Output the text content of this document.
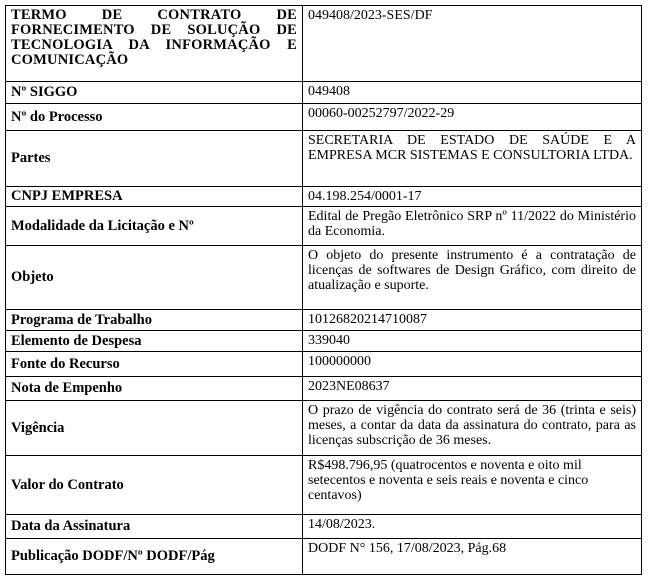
TERMO DE CONTRATO DE FORNECIMENTO DE SOLUÇÃO DE TECNOLOGIA DA INFORMAÇÃO E COMUNICAÇÃO	049408/2023-SES/DF
Nº SIGGO	049408
Nº do Processo	00060-00252797/2022-29
Partes	SECRETARIA DE ESTADO DE SAÚDE E A EMPRESA MCR SISTEMAS E CONSULTORIA LTDA.
CNPJ EMPRESA	04.198.254/0001-17
Modalidade da Licitação e Nº	Edital de Pregão Eletrônico SRP nº 11/2022 do Ministério da Economia.
Objeto	O objeto do presente instrumento é a contratação de licenças de softwares de Design Gráfico, com direito de atualização e suporte.
Programa de Trabalho	10126820214710087
Elemento de Despesa	339040
Fonte do Recurso	100000000
Nota de Empenho	2023NE08637
Vigência	O prazo de vigência do contrato será de 36 (trinta e seis) meses, a contar da data da assinatura do contrato, para as licenças subscrição de 36 meses.
Valor do Contrato	R$498.796,95 (quatrocentos e noventa e oito mil setecentos e noventa e seis reais e noventa e cinco centavos)
Data da Assinatura	14/08/2023.
Publicação DODF/Nº DODF/Pág	DODF N° 156, 17/08/2023, Pág.68
